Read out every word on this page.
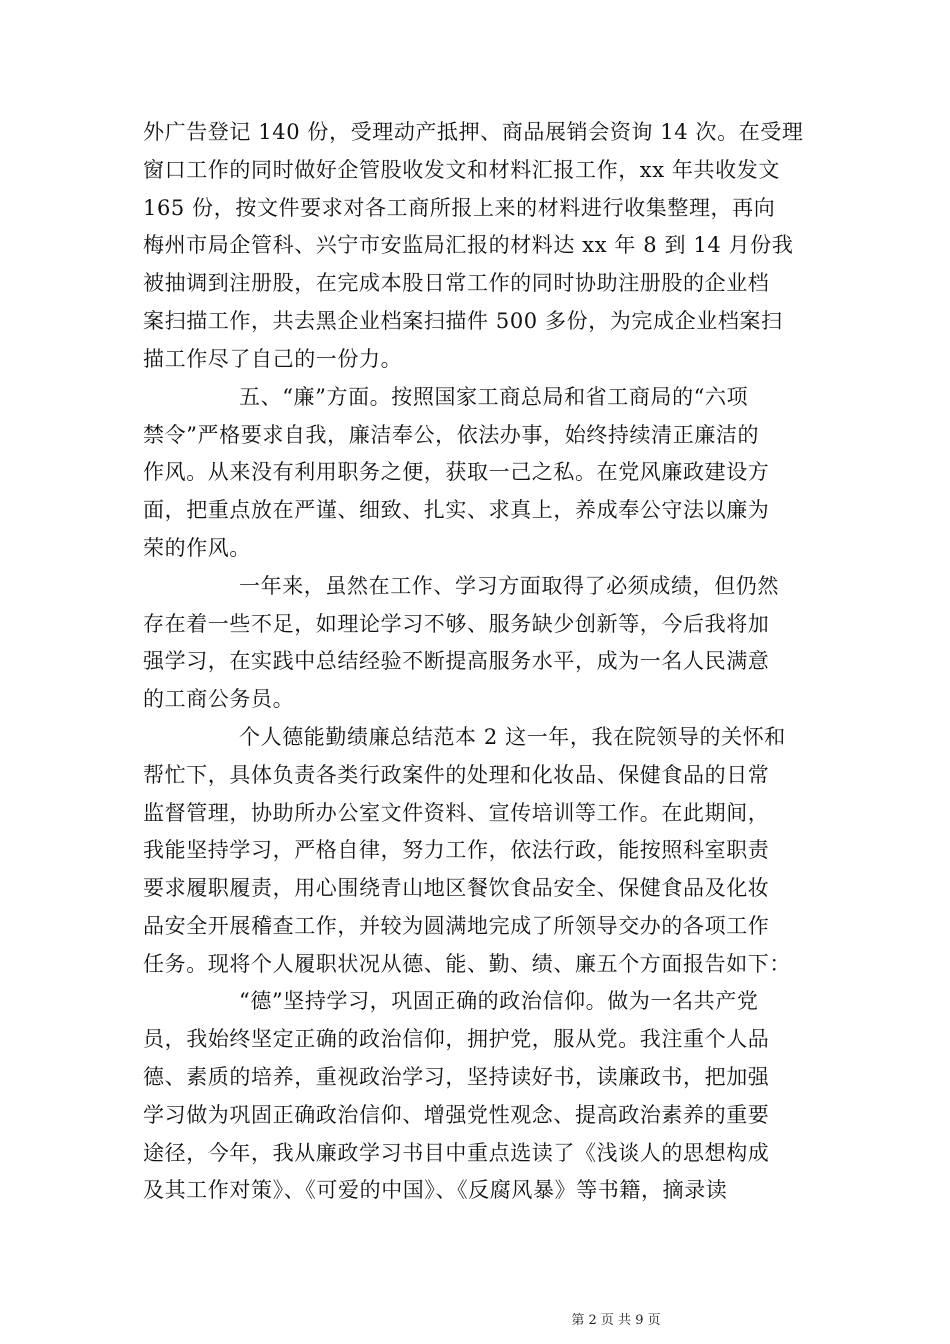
外广告登记 140 份，受理动产抵押、商品展销会资询 14 次。在受理
窗口工作的同时做好企管股收发文和材料汇报工作，xx 年共收发文
165 份，按文件要求对各工商所报上来的材料进行收集整理，再向
梅州市局企管科、兴宁市安监局汇报的材料达 xx 年 8 到 14 月份我
被抽调到注册股，在完成本股日常工作的同时协助注册股的企业档
案扫描工作，共去黑企业档案扫描件 500 多份，为完成企业档案扫
描工作尽了自己的一份力。
五、“廉”方面。按照国家工商总局和省工商局的“六项
禁令”严格要求自我，廉洁奉公，依法办事，始终持续清正廉洁的
作风。从来没有利用职务之便，获取一己之私。在党风廉政建设方
面，把重点放在严谨、细致、扎实、求真上，养成奉公守法以廉为
荣的作风。
一年来，虽然在工作、学习方面取得了必须成绩，但仍然
存在着一些不足，如理论学习不够、服务缺少创新等，今后我将加
强学习，在实践中总结经验不断提高服务水平，成为一名人民满意
的工商公务员。
个人德能勤绩廉总结范本 2 这一年，我在院领导的关怀和
帮忙下，具体负责各类行政案件的处理和化妆品、保健食品的日常
监督管理，协助所办公室文件资料、宣传培训等工作。在此期间，
我能坚持学习，严格自律，努力工作，依法行政，能按照科室职责
要求履职履责，用心围绕青山地区餐饮食品安全、保健食品及化妆
品安全开展稽查工作，并较为圆满地完成了所领导交办的各项工作
任务。现将个人履职状况从德、能、勤、绩、廉五个方面报告如下：
“德”坚持学习，巩固正确的政治信仰。做为一名共产党
员，我始终坚定正确的政治信仰，拥护党，服从党。我注重个人品
德、素质的培养，重视政治学习，坚持读好书，读廉政书，把加强
学习做为巩固正确政治信仰、增强党性观念、提高政治素养的重要
途径，今年，我从廉政学习书目中重点选读了《浅谈人的思想构成
及其工作对策》、《可爱的中国》、《反腐风暴》等书籍，摘录读
第 2 页 共 9 页
